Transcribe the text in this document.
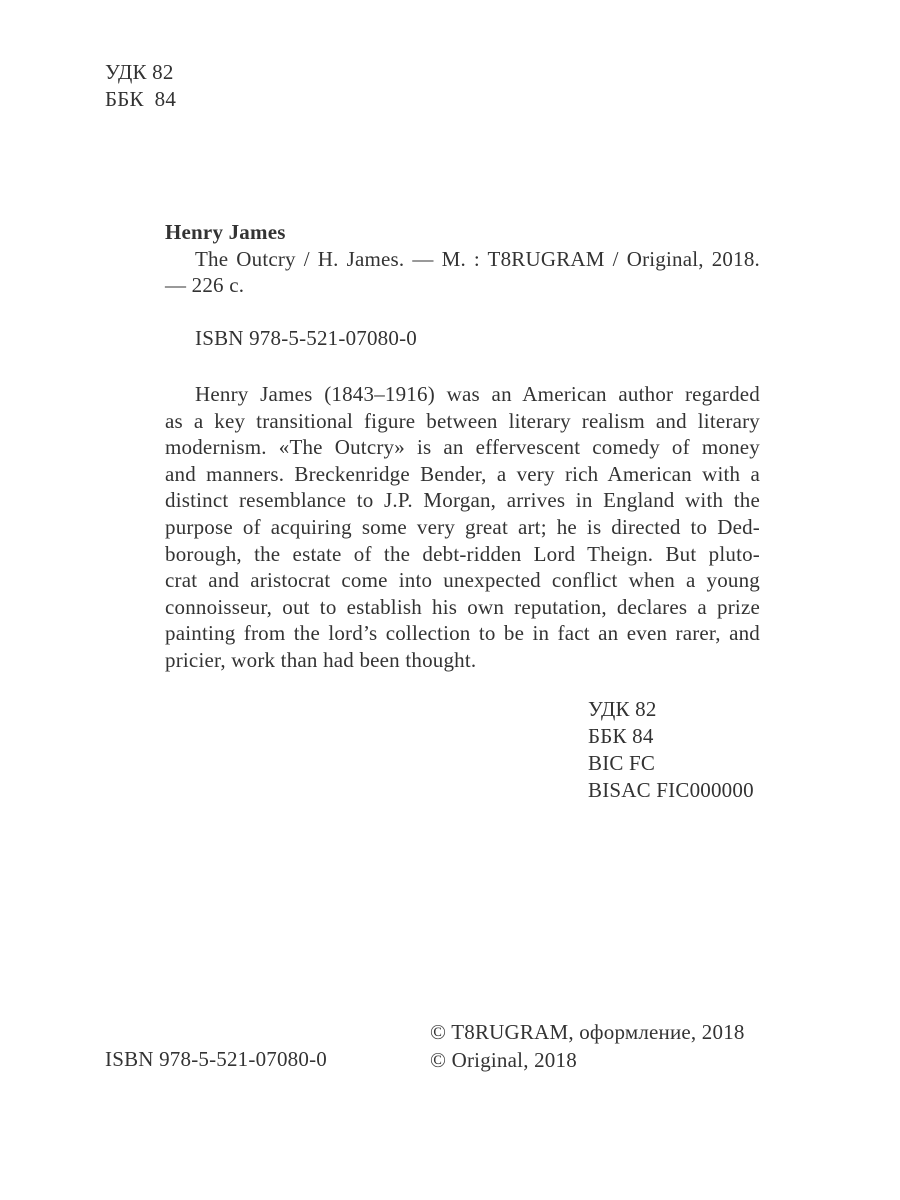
УДК 82
ББК  84
Henry James
The Outcry / H. James. — M. : T8RUGRAM / Original, 2018.
— 226 с.
ISBN 978-5-521-07080-0
Henry James (1843–1916) was an American author regarded
as a key transitional figure between literary realism and literary
modernism. «The Outcry» is an effervescent comedy of money
and manners. Breckenridge Bender, a very rich American with a
distinct resemblance to J.P. Morgan, arrives in England with the
purpose of acquiring some very great art; he is directed to Ded-
borough, the estate of the debt-ridden Lord Theign. But pluto-
crat and aristocrat come into unexpected conflict when a young
connoisseur, out to establish his own reputation, declares a prize
painting from the lord’s collection to be in fact an even rarer, and
pricier, work than had been thought.
УДК 82
ББК 84
BIC FC
BISAC FIC000000
© T8RUGRAM, оформление, 2018
© Original, 2018
ISBN 978-5-521-07080-0
